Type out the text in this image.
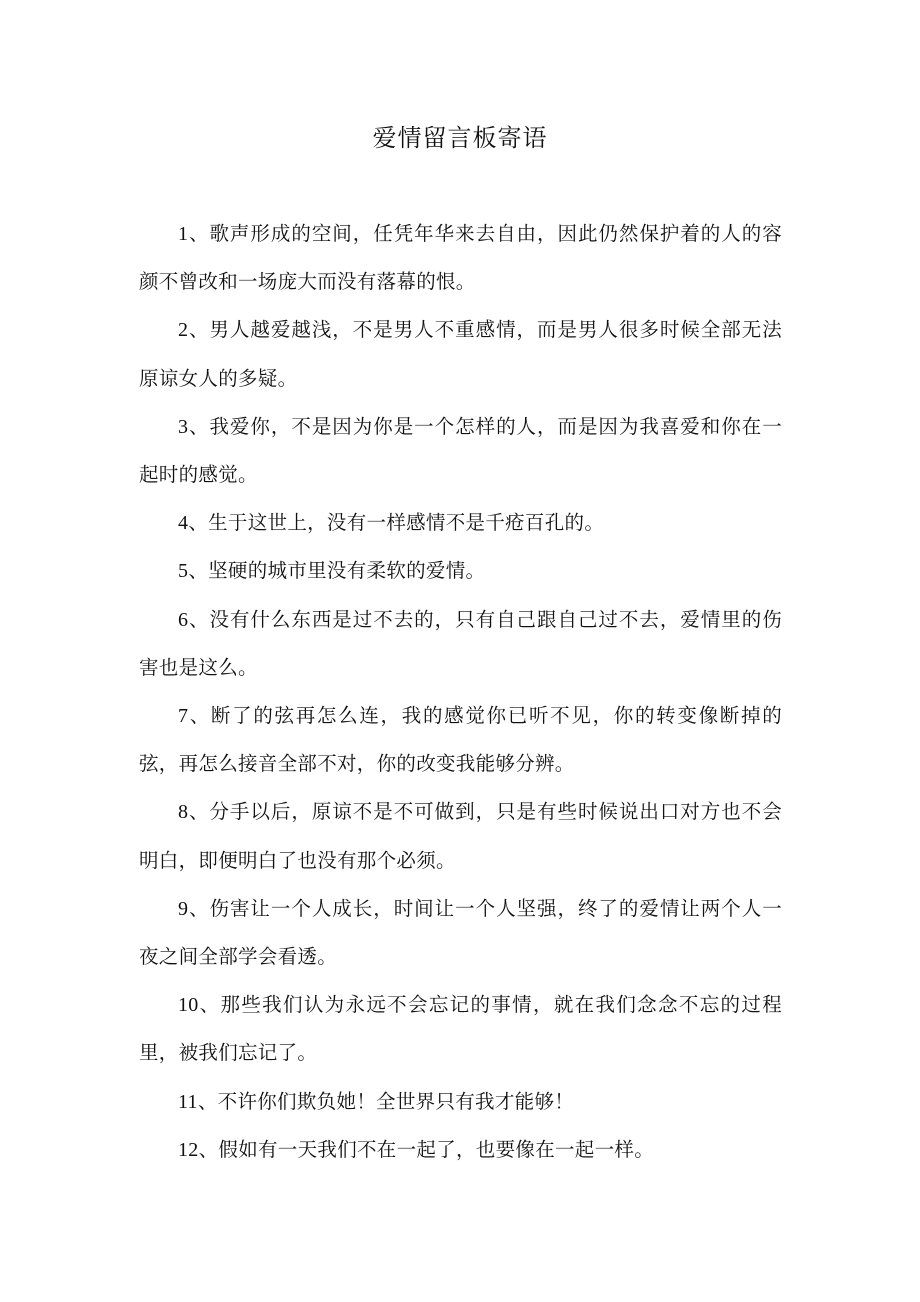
爱情留言板寄语

1、歌声形成的空间，任凭年华来去自由，因此仍然保护着的人的容颜不曾改和一场庞大而没有落幕的恨。

2、男人越爱越浅，不是男人不重感情，而是男人很多时候全部无法原谅女人的多疑。

3、我爱你，不是因为你是一个怎样的人，而是因为我喜爱和你在一起时的感觉。

4、生于这世上，没有一样感情不是千疮百孔的。

5、坚硬的城市里没有柔软的爱情。

6、没有什么东西是过不去的，只有自己跟自己过不去，爱情里的伤害也是这么。

7、断了的弦再怎么连，我的感觉你已听不见，你的转变像断掉的弦，再怎么接音全部不对，你的改变我能够分辨。

8、分手以后，原谅不是不可做到，只是有些时候说出口对方也不会明白，即便明白了也没有那个必须。

9、伤害让一个人成长，时间让一个人坚强，终了的爱情让两个人一夜之间全部学会看透。

10、那些我们认为永远不会忘记的事情，就在我们念念不忘的过程里，被我们忘记了。

11、不许你们欺负她！全世界只有我才能够！

12、假如有一天我们不在一起了，也要像在一起一样。
